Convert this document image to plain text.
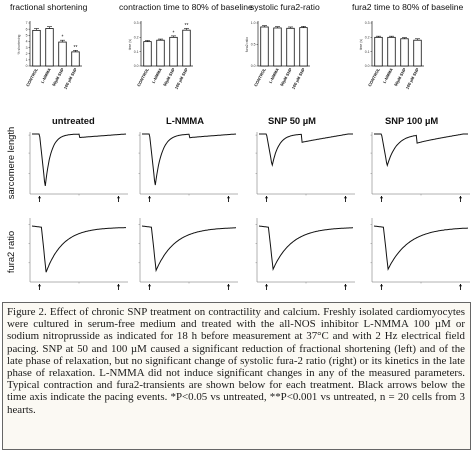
fractional shortening
0
1
2
3
4
5
6
7
% shortening
CONTROL L-NMMA
*
50µM SNP
**
100 µM SNP
contraction time to 80% of baseline
0.0
0.1
0.2
0.3
time (s)
CONTROL L-NMMA
*
50µM SNP
**
100 µM SNP
systolic fura2-ratio
0.0
0.5
1.0
fura2 ratio
CONTROL L-NMMA 50µM SNP
100 µM SNP
fura2 time to 80% of baseline
0.0
0.1
0.2
0.3
time (s)
CONTROL L-NMMA 50µM SNP
100 µM SNP
untreated	L-NMMA	SNP 50 µM	SNP 100 µM
sarcomere length
fura2 ratio

Figure 2. Effect of chronic SNP treatment on contractility and calcium. Freshly isolated cardiomyocytes were cultured in serum-free medium and treated with the all-NOS inhibitor L-NMMA 100 µM or sodium nitroprusside as indicated for 18 h before measurement at 37°C and with 2 Hz electrical field pacing. SNP at 50 and 100 µM caused a significant reduction of fractional shortening (left) and of the late phase of relaxation, but no significant change of systolic fura-2 ratio (right) or its kinetics in the late phase of relaxation. L-NMMA did not induce significant changes in any of the measured parameters. Typical contraction and fura2-transients are shown below for each treatment. Black arrows below the time axis indicate the pacing events. *P<0.05 vs untreated, **P<0.001 vs untreated, n = 20 cells from 3 hearts.
